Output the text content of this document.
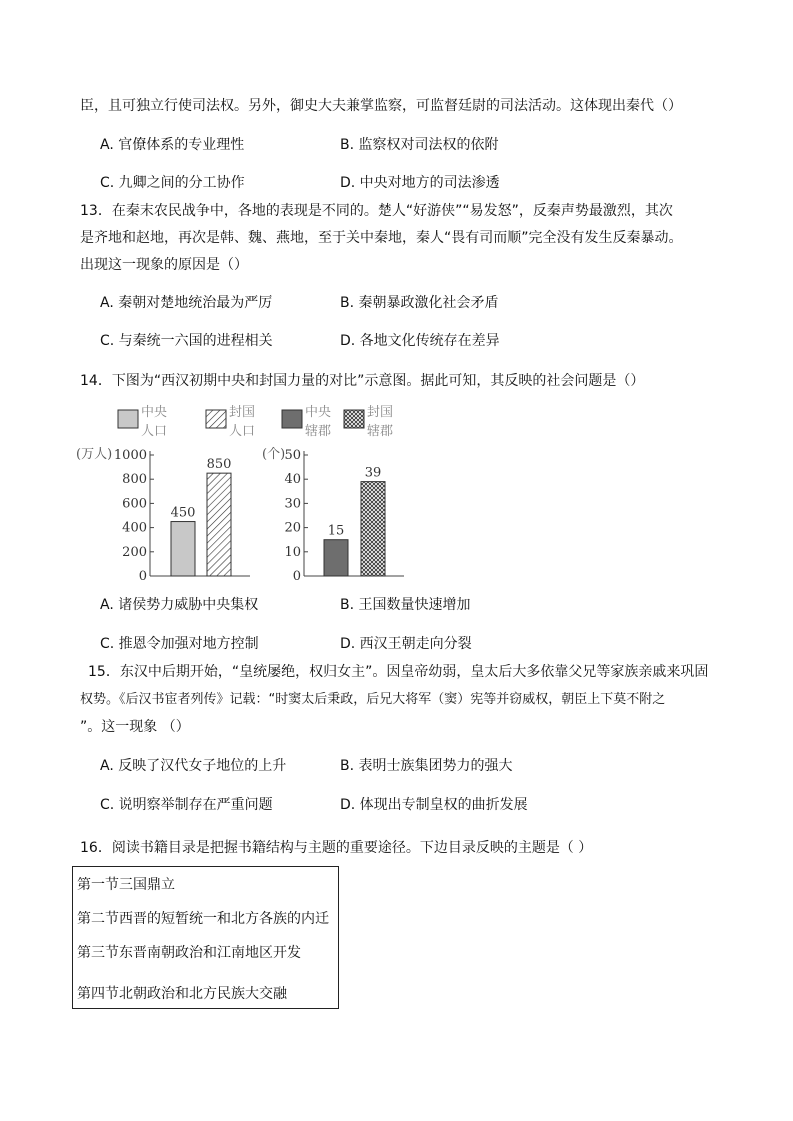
臣，且可独立行使司法权。另外，御史大夫兼掌监察，可监督廷尉的司法活动。这体现出秦代（）
A. 官僚体系的专业理性	B. 监察权对司法权的依附
C. 九卿之间的分工协作	D. 中央对地方的司法渗透
13．在秦末农民战争中，各地的表现是不同的。楚人“好游侠”“易发怒”，反秦声势最激烈，其次
是齐地和赵地，再次是韩、魏、燕地，至于关中秦地，秦人“畏有司而顺”完全没有发生反秦暴动。
出现这一现象的原因是（）
A. 秦朝对楚地统治最为严厉	B. 秦朝暴政激化社会矛盾
C. 与秦统一六国的进程相关	D. 各地文化传统存在差异
14．下图为“西汉初期中央和封国力量的对比”示意图。据此可知，其反映的社会问题是（）
中央
人口
封国
人口
(万人)
0
200
400
600
800
1000
450
850
中央
辖郡
封国
辖郡
(个)
0
10
20
30
40
50
15
39
A. 诸侯势力威胁中央集权	B. 王国数量快速增加
C. 推恩令加强对地方控制	D. 西汉王朝走向分裂
15．东汉中后期开始，“皇统屡绝，权归女主”。因皇帝幼弱，皇太后大多依靠父兄等家族亲戚来巩固
权势。《后汉书宦者列传》记载：“时窦太后秉政，后兄大将军（窦）宪等并窃威权，朝臣上下莫不附之
”。这一现象 （）
A. 反映了汉代女子地位的上升	B. 表明士族集团势力的强大
C. 说明察举制存在严重问题	D. 体现出专制皇权的曲折发展
16．阅读书籍目录是把握书籍结构与主题的重要途径。下边目录反映的主题是（ ）
第一节三国鼎立
第二节西晋的短暂统一和北方各族的内迁
第三节东晋南朝政治和江南地区开发
第四节北朝政治和北方民族大交融
